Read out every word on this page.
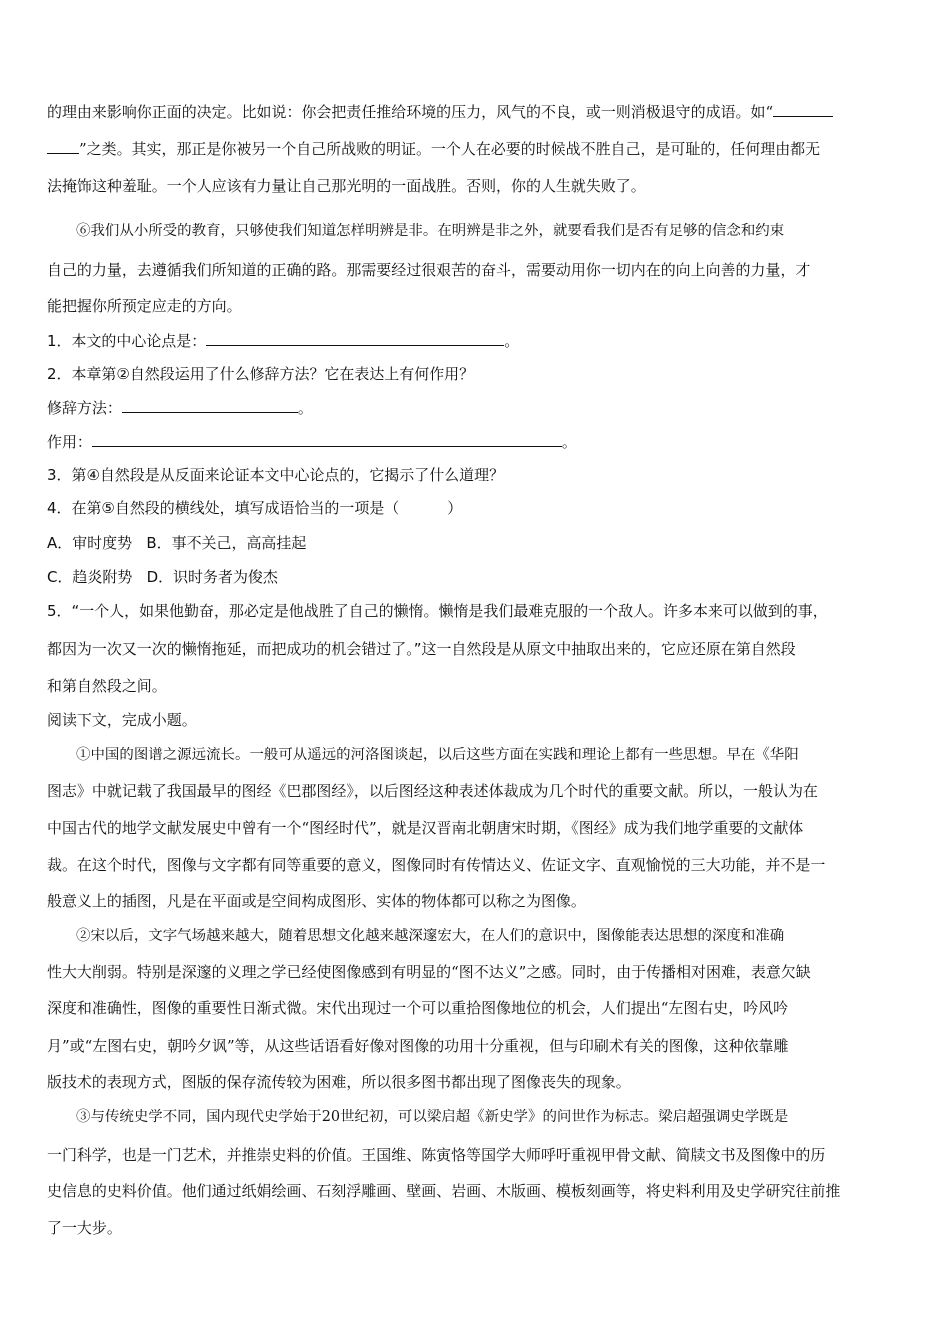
的理由来影响你正面的决定。比如说：你会把责任推给环境的压力，风气的不良，或一则消极退守的成语。如“
”之类。其实，那正是你被另一个自己所战败的明证。一个人在必要的时候战不胜自己，是可耻的，任何理由都无
法掩饰这种羞耻。一个人应该有力量让自己那光明的一面战胜。否则，你的人生就失败了。
⑥我们从小所受的教育，只够使我们知道怎样明辨是非。在明辨是非之外，就要看我们是否有足够的信念和约束
自己的力量，去遵循我们所知道的正确的路。那需要经过很艰苦的奋斗，需要动用你一切内在的向上向善的力量，才
能把握你所预定应走的方向。
1．本文的中心论点是：	。
2．本章第②自然段运用了什么修辞方法？它在表达上有何作用？
修辞方法：	。
作用：	。
3．第④自然段是从反面来论证本文中心论点的，它揭示了什么道理？
4．在第⑤自然段的横线处，填写成语恰当的一项是（	）
A．审时度势 B．事不关己，高高挂起
C．趋炎附势 D．识时务者为俊杰
5．“一个人，如果他勤奋，那必定是他战胜了自己的懒惰。懒惰是我们最难克服的一个敌人。许多本来可以做到的事，
都因为一次又一次的懒惰拖延，而把成功的机会错过了。”这一自然段是从原文中抽取出来的，它应还原在第自然段
和第自然段之间。
阅读下文，完成小题。
①中国的图谱之源远流长。一般可从遥远的河洛图谈起，以后这些方面在实践和理论上都有一些思想。早在《华阳
图志》中就记载了我国最早的图经《巴郡图经》，以后图经这种表述体裁成为几个时代的重要文献。所以，一般认为在
中国古代的地学文献发展史中曾有一个“图经时代”，就是汉晋南北朝唐宋时期，《图经》成为我们地学重要的文献体
裁。在这个时代，图像与文字都有同等重要的意义，图像同时有传情达义、佐证文字、直观愉悦的三大功能，并不是一
般意义上的插图，凡是在平面或是空间构成图形、实体的物体都可以称之为图像。
②宋以后，文字气场越来越大，随着思想文化越来越深邃宏大，在人们的意识中，图像能表达思想的深度和准确
性大大削弱。特别是深邃的义理之学已经使图像感到有明显的“图不达义”之感。同时，由于传播相对困难，表意欠缺
深度和准确性，图像的重要性日渐式微。宋代出现过一个可以重拾图像地位的机会，人们提出“左图右史，吟风吟
月”或“左图右史，朝吟夕讽”等，从这些话语看好像对图像的功用十分重视，但与印刷术有关的图像，这种依靠雕
版技术的表现方式，图版的保存流传较为困难，所以很多图书都出现了图像丧失的现象。
③与传统史学不同，国内现代史学始于20世纪初，可以梁启超《新史学》的问世作为标志。梁启超强调史学既是
一门科学，也是一门艺术，并推崇史料的价值。王国维、陈寅恪等国学大师呼吁重视甲骨文献、简牍文书及图像中的历
史信息的史料价值。他们通过纸娟绘画、石刻浮雕画、壁画、岩画、木版画、模板刻画等，将史料利用及史学研究往前推
了一大步。
